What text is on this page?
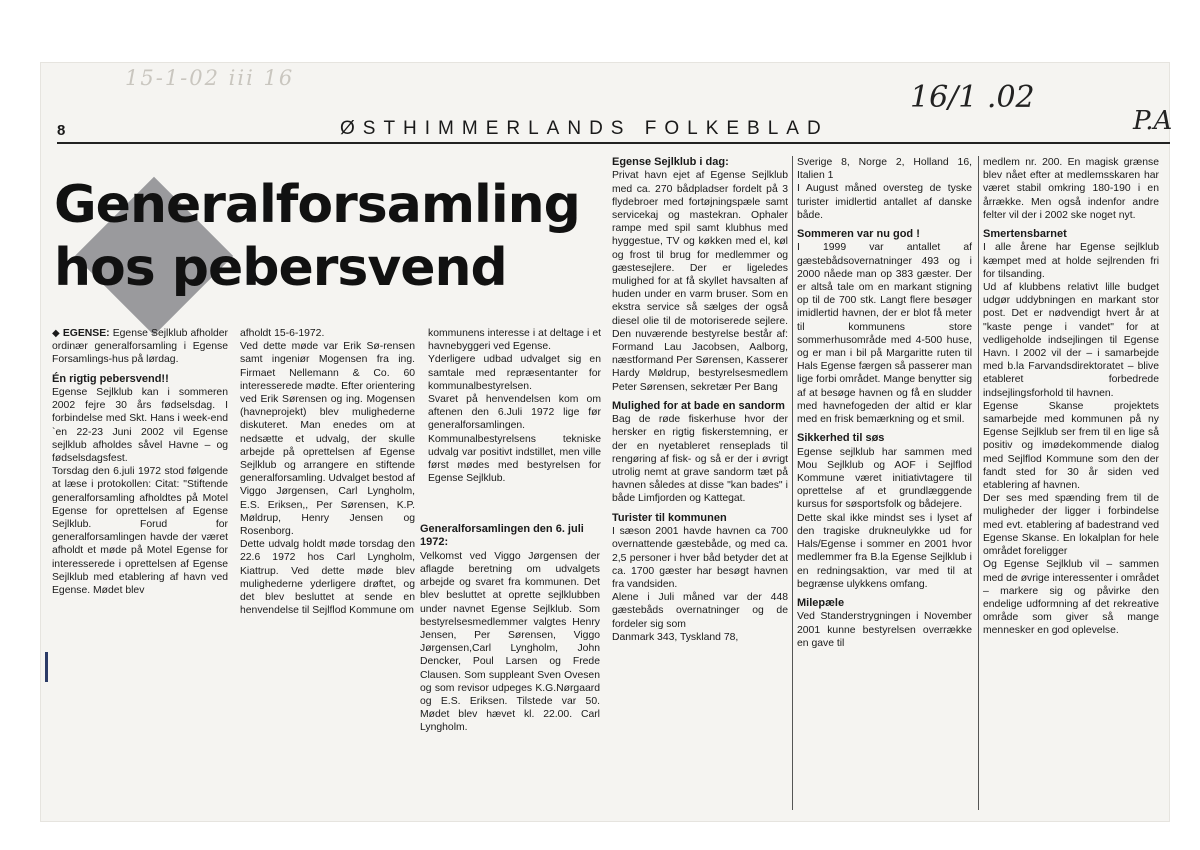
15-1-02 iii 16
16/1 .02
P.A
8	ØSTHIMMERLANDS FOLKEBLAD
Generalforsamling
hos pebersvend
◆ EGENSE: Egense Sejlklub afholder ordinær generalforsamling i Egense Forsamlings-hus på lørdag.
Én rigtig pebersvend!!
Egense Sejlklub kan i sommeren 2002 fejre 30 års fødselsdag. I forbindelse med Skt. Hans i week-end `en 22-23 Juni 2002 vil Egense sejlklub afholdes såvel Havne – og fødselsdagsfest.
Torsdag den 6.juli 1972 stod følgende at læse i protokollen: Citat: "Stiftende generalforsamling afholdtes på Motel Egense for oprettelsen af Egense Sejlklub. Forud for generalforsamlingen havde der været afholdt et møde på Motel Egense for interesserede i oprettelsen af Egense Sejlklub med etablering af havn ved Egense. Mødet blev
afholdt 15-6-1972.
Ved dette møde var Erik Sø-rensen samt ingeniør Mogensen fra ing. Firmaet Nellemann & Co. 60 interesserede mødte. Efter orientering ved Erik Sørensen og ing. Mogensen (havneprojekt) blev mulighederne diskuteret. Man enedes om at nedsætte et udvalg, der skulle arbejde på oprettelsen af Egense Sejlklub og arrangere en stiftende generalforsamling. Udvalget bestod af Viggo Jørgensen, Carl Lyngholm, E.S. Eriksen,, Per Sørensen, K.P. Møldrup, Henry Jensen og Rosenborg.
Dette udvalg holdt møde torsdag den 22.6 1972 hos Carl Lyngholm, Kiattrup. Ved dette møde blev mulighederne yderligere drøftet, og det blev besluttet at sende en henvendelse til Sejlflod Kommune om
kommunens interesse i at deltage i et havnebyggeri ved Egense.
Yderligere udbad udvalget sig en samtale med repræsentanter for kommunalbestyrelsen.
Svaret på henvendelsen kom om aftenen den 6.Juli 1972 lige før generalforsamlingen. Kommunalbestyrelsens tekniske udvalg var positivt indstillet, men ville først mødes med bestyrelsen for Egense Sejlklub.
Generalforsamlingen den 6. juli 1972:
Velkomst ved Viggo Jørgensen der aflagde beretning om udvalgets arbejde og svaret fra kommunen. Det blev besluttet at oprette sejlklubben under navnet Egense Sejlklub. Som bestyrelsesmedlemmer valgtes Henry Jensen, Per Sørensen, Viggo Jørgensen,Carl Lyngholm, John Dencker, Poul Larsen og Frede Clausen. Som suppleant Sven Ovesen og som revisor udpeges K.G.Nørgaard og E.S. Eriksen. Tilstede var 50. Mødet blev hævet kl. 22.00. Carl Lyngholm.
Egense Sejlklub i dag:
Privat havn ejet af Egense Sejlklub med ca. 270 bådpladser fordelt på 3 flydebroer med fortøjningspæle samt servicekaj og mastekran. Ophaler rampe med spil samt klubhus med hyggestue, TV og køkken med el, køl og frost til brug for medlemmer og gæstesejlere. Der er ligeledes mulighed for at få skyllet havsalten af huden under en varm bruser. Som en ekstra service så sælges der også diesel olie til de motoriserede sejlere. Den nuværende bestyrelse består af: Formand Lau Jacobsen, Aalborg, næstformand Per Sørensen, Kasserer Hardy Møldrup, bestyrelsesmedlem Peter Sørensen, sekretær Per Bang
Mulighed for at bade en sandorm
Bag de røde fiskerhuse hvor der hersker en rigtig fiskerstemning, er der en nyetableret renseplads til rengøring af fisk- og så er der i øvrigt utrolig nemt at grave sandorm tæt på havnen således at disse "kan bades" i både Limfjorden og Kattegat.
Turister til kommunen
I sæson 2001 havde havnen ca 700 overnattende gæstebåde, og med ca. 2,5 personer i hver båd betyder det at ca. 1700 gæster har besøgt havnen fra vandsiden.
Alene i Juli måned var der 448 gæstebåds overnatninger og de fordeler sig som
Danmark 343, Tyskland 78,
Sverige 8, Norge 2, Holland 16, Italien 1
I August måned oversteg de tyske turister imidlertid antallet af danske både.
Sommeren var nu god !
I 1999 var antallet af gæstebådsovernatninger 493 og i 2000 nåede man op 383 gæster. Der er altså tale om en markant stigning op til de 700 stk. Langt flere besøger imidlertid havnen, der er blot få meter til kommunens store sommerhusområde med 4-500 huse, og er man i bil på Margaritte ruten til Hals Egense færgen så passerer man lige forbi området. Mange benytter sig af at besøge havnen og få en sludder med havnefogeden der altid er klar med en frisk bemærkning og et smil.
Sikkerhed til søs
Egense sejlklub har sammen med Mou Sejlklub og AOF i Sejlflod Kommune været initiativtagere til oprettelse af et grundlæggende kursus for søsportsfolk og bådejere.
Dette skal ikke mindst ses i lyset af den tragiske drukneulykke ud for Hals/Egense i sommer en 2001 hvor medlemmer fra B.la Egense Sejlklub i en redningsaktion, var med til at begrænse ulykkens omfang.
Milepæle
Ved Standerstrygningen i November 2001 kunne bestyrelsen overrække en gave til
medlem nr. 200. En magisk grænse blev nået efter at medlemsskaren har været stabil omkring 180-190 i en årrække. Men også indenfor andre felter vil der i 2002 ske noget nyt.
Smertensbarnet
I alle årene har Egense sejlklub kæmpet med at holde sejlrenden fri for tilsanding.
Ud af klubbens relativt lille budget udgør uddybningen en markant stor post. Det er nødvendigt hvert år at "kaste penge i vandet" for at vedligeholde indsejlingen til Egense Havn. I 2002 vil der – i samarbejde med b.la Farvandsdirektoratet – blive etableret forbedrede indsejlingsforhold til havnen.
Egense Skanse projektets samarbejde med kommunen på ny Egense Sejlklub ser frem til en lige så positiv og imødekommende dialog med Sejlflod Kommune som den der fandt sted for 30 år siden ved etablering af havnen.
Der ses med spænding frem til de muligheder der ligger i forbindelse med evt. etablering af badestrand ved Egense Skanse. En lokalplan for hele området foreligger
Og Egense Sejlklub vil – sammen med de øvrige interessenter i området – markere sig og påvirke den endelige udformning af det rekreative område som giver så mange mennesker en god oplevelse.
